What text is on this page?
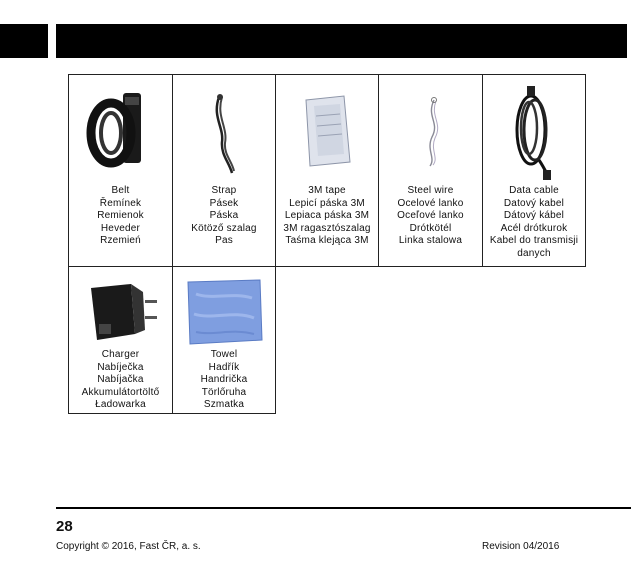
Belt
Řemínek
Remienok
Heveder
Rzemień
Strap
Pásek
Páska
Kötöző szalag
Pas
3M tape
Lepicí páska 3M
Lepiaca páska 3M
3M ragasztószalag
Taśma klejąca 3M
Steel wire
Ocelové lanko
Oceľové lanko
Drótkötél
Linka stalowa
Data cable
Datový kabel
Dátový kábel
Acél drótkurok
Kabel do transmisji danych
Charger
Nabíječka
Nabíjačka
Akkumulátortöltő
Ładowarka
Towel
Hadřík
Handrička
Törlőruha
Szmatka
28
Copyright © 2016, Fast ČR, a. s.	Revision 04/2016
